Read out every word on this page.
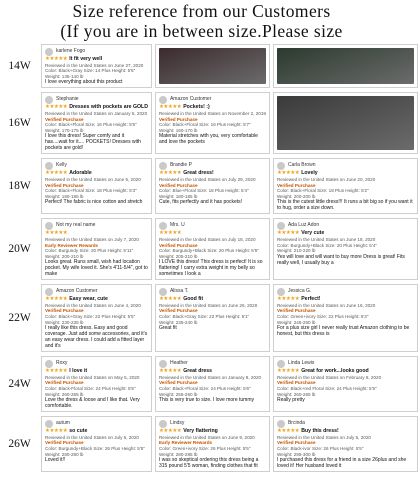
Size reference from our Customers
(If you are in between size.Please size
14W
karlene Fogo
★★★★★ It fit very well
Reviewed in the United States on June 27, 2020
Color: Black+Gray Size: 14 Plus Height: 5'5"
Weight: 135-140 lb
I love everything about this product
16W
Stephanie
★★★★★ Dresses with pockets are GOLD
Reviewed in the United States on January 5, 2020
Verified Purchase
Color: Black+Floral Size: 16 Plus Height: 5'5"
Weight: 170-175 lb
I love this dress! Super comfy and it has....wait for it.... POCKETS! Dresses with pockets are gold!
Amazon Customer
★★★★★ Pockets! :)
Reviewed in the United States on November 2, 2019
Verified Purchase
Color: Black+Floral Size: 16 Plus Height: 5'7"
Weight: 160-170 lb
Material stretches with you, very comfortable and love the pockets
18W
Kelly
★★★★★ Adorable
Reviewed in the United States on June 5, 2020
Verified Purchase
Color: Black+Floral Size: 18 Plus Height: 5'3"
Weight: 180-185 lb
Perfect! The fabric is nice cotton and stretch
Brandie P
★★★★★ Great dress!
Reviewed in the United States on July 29, 2020
Verified Purchase
Color: Blue+Floral Size: 18 Plus Height: 5'4"
Weight: 180-185 lb
Cute, fits perfectly and it has pockets!
Carla Brown
★★★★★ Lovely
Reviewed in the United States on June 20, 2020
Verified Purchase
Color: Black+Floral Size: 18 Plus Height: 5'2"
Weight: 200-200 lb
This is the cutest little dress!!! It runs a bit big so if you want it to hug, order a size down.
20W
Not my real name
★★★★★
Reviewed in the United States on July 7, 2020
Early Reviewer Rewards
Color: Burgundy Size: 20 Plus Height: 5'11"
Weight: 200-210 lb
Looks great. Runs small, wish had location pocket. My wife loved it. She's 4'11-5/4", got to make
Mrs. U
★★★★★
Reviewed in the United States on July 18, 2020
Verified Purchase
Color: Burgundy+Black Size: 20 Plus Height: 5'5"
Weight: 205-210 lb
I LOVE this dress! This dress is perfect! It is so flattering! I carry extra weight in my belly so sometimes I look a
Ada Luz Adon
★★★★★ Very cute
Reviewed in the United States on June 18, 2020
Color: Burgundy+Black Size: 20 Plus Height: 5'4"
Weight: 210-220 lb
Yes will love and will want to buy more Dress is great! Fits really well, I usually buy a
22W
Amazon Customer
★★★★★ Easy wear, cute
Reviewed in the United States on June 4, 2020
Verified Purchase
Color: Black+Gray Size: 22 Plus Height: 5'5"
Weight: 230-235 lb
I really like this dress. Easy and good coverage. Just add some accessories, and it's an easy wear dress. I could add a fitted layer and it's
Alissa T.
★★★★★ Good fit
Reviewed in the United States on June 26, 2020
Verified Purchase
Color: Black+Gray Size: 22 Plus Height: 5'1"
Weight: 235-240 lb
Great fit
Jessica G.
★★★★★ Perfect!
Reviewed in the United States on June 16, 2020
Verified Purchase
Color: Green+ivory Size: 22 Plus Height: 5'3"
Weight: 245-250 lb
For a plus size girl I never really trust Amazon clothing to be honest, but this dress is
24W
Roxy
★★★★★ I love it
Reviewed in the United States on May 5, 2020
Verified Purchase
Color: Black-Floral Size: 24 Plus Height: 5'5"
Weight: 260-265 lb
Love the dress & loose and I like that. Very comfortable.
Heather
★★★★★ Great dress
Reviewed in the United States on January 8, 2020
Verified Purchase
Color: Black+Floral Size: 24 Plus Height: 5'6"
Weight: 255-260 lb
This is very true to size. I love more tummy
Linda Lewis
★★★★★ Great for work...looks good
Reviewed in the United States on February 8, 2020
Verified Purchase
Color: Black+red Floral Size: 24 Plus Height: 5'5"
Weight: 260-265 lb
Really pretty
26W
autum
★★★★★ so cute
Reviewed in the United States on July 6, 2020
Verified Purchase
Color: Burgundy+Black Size: 26 Plus Height: 5'5"
Weight: 280-280 lb
Loved it!!
Lindsy
★★★★★ Very flattering
Reviewed in the United States on June 9, 2020
Early Reviewer Rewards
Color: Green+ivory Size: 26 Plus Height: 5'5"
Weight: 280-285 lb
I was so skeptical ordering this dress being a 315 pound 5'5 woman, finding clothes that fit
Brcinda
★★★★★ Buy this dress!
Reviewed in the United States on July 5, 2020
Verified Purchase
Color: Black-ivor Size: 26 Plus Height: 5'5"
Weight: 295-300 lb
I purchased this dress for a friend in a size 26plus and she loved it! Her husband loved it
